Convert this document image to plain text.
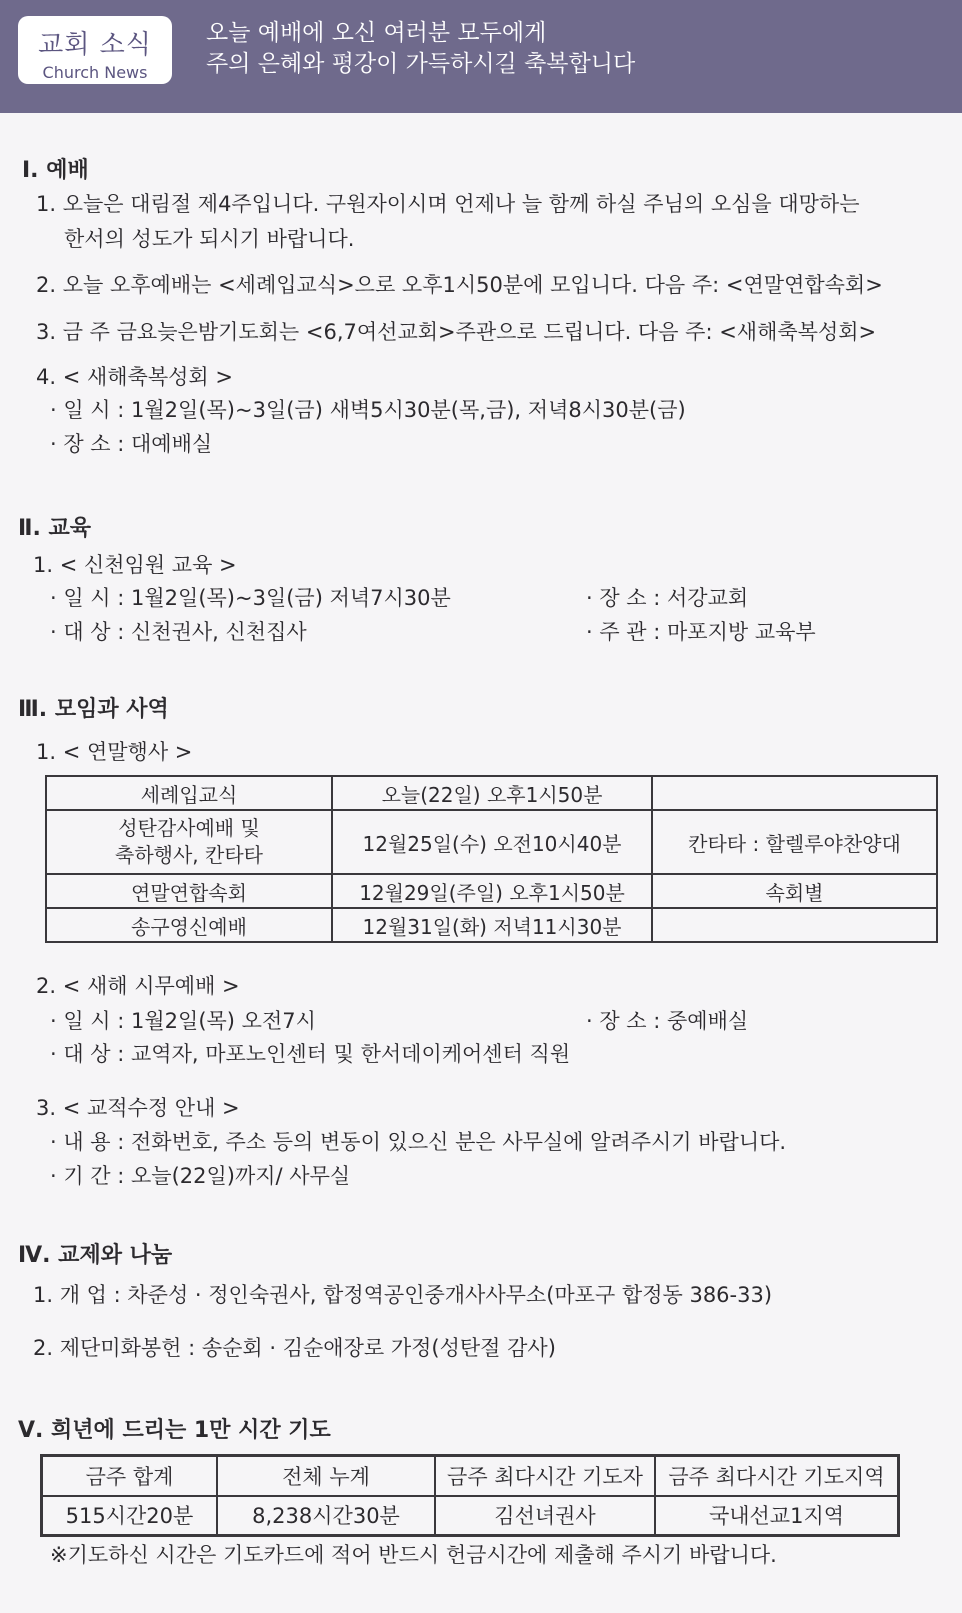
교회 소식
Church News
오늘 예배에 오신 여러분 모두에게
주의 은혜와 평강이 가득하시길 축복합니다
Ⅰ. 예배
1. 오늘은 대림절 제4주입니다. 구원자이시며 언제나 늘 함께 하실 주님의 오심을 대망하는
한서의 성도가 되시기 바랍니다.
2. 오늘 오후예배는 <세례입교식>으로 오후1시50분에 모입니다. 다음 주: <연말연합속회>
3. 금 주 금요늦은밤기도회는 <6,7여선교회>주관으로 드립니다. 다음 주: <새해축복성회>
4. < 새해축복성회 >
· 일 시 : 1월2일(목)~3일(금) 새벽5시30분(목,금), 저녁8시30분(금)
· 장 소 : 대예배실
Ⅱ. 교육
1. < 신천임원 교육 >
· 일 시 : 1월2일(목)~3일(금) 저녁7시30분	· 장 소 : 서강교회
· 대 상 : 신천권사, 신천집사	· 주 관 : 마포지방 교육부
Ⅲ. 모임과 사역
1. < 연말행사 >
세례입교식	오늘(22일) 오후1시50분	
성탄감사예배 및
축하행사, 칸타타	12월25일(수) 오전10시40분	칸타타 : 할렐루야찬양대
연말연합속회	12월29일(주일) 오후1시50분	속회별
송구영신예배	12월31일(화) 저녁11시30분	
2. < 새해 시무예배 >
· 일 시 : 1월2일(목) 오전7시	· 장 소 : 중예배실
· 대 상 : 교역자, 마포노인센터 및 한서데이케어센터 직원
3. < 교적수정 안내 >
· 내 용 : 전화번호, 주소 등의 변동이 있으신 분은 사무실에 알려주시기 바랍니다.
· 기 간 : 오늘(22일)까지/ 사무실
Ⅳ. 교제와 나눔
1. 개 업 : 차준성 · 정인숙권사, 합정역공인중개사사무소(마포구 합정동 386-33)
2. 제단미화봉헌 : 송순회 · 김순애장로 가정(성탄절 감사)
Ⅴ. 희년에 드리는 1만 시간 기도
금주 합계	전체 누계	금주 최다시간 기도자	금주 최다시간 기도지역
515시간20분	8,238시간30분	김선녀권사	국내선교1지역
※기도하신 시간은 기도카드에 적어 반드시 헌금시간에 제출해 주시기 바랍니다.
